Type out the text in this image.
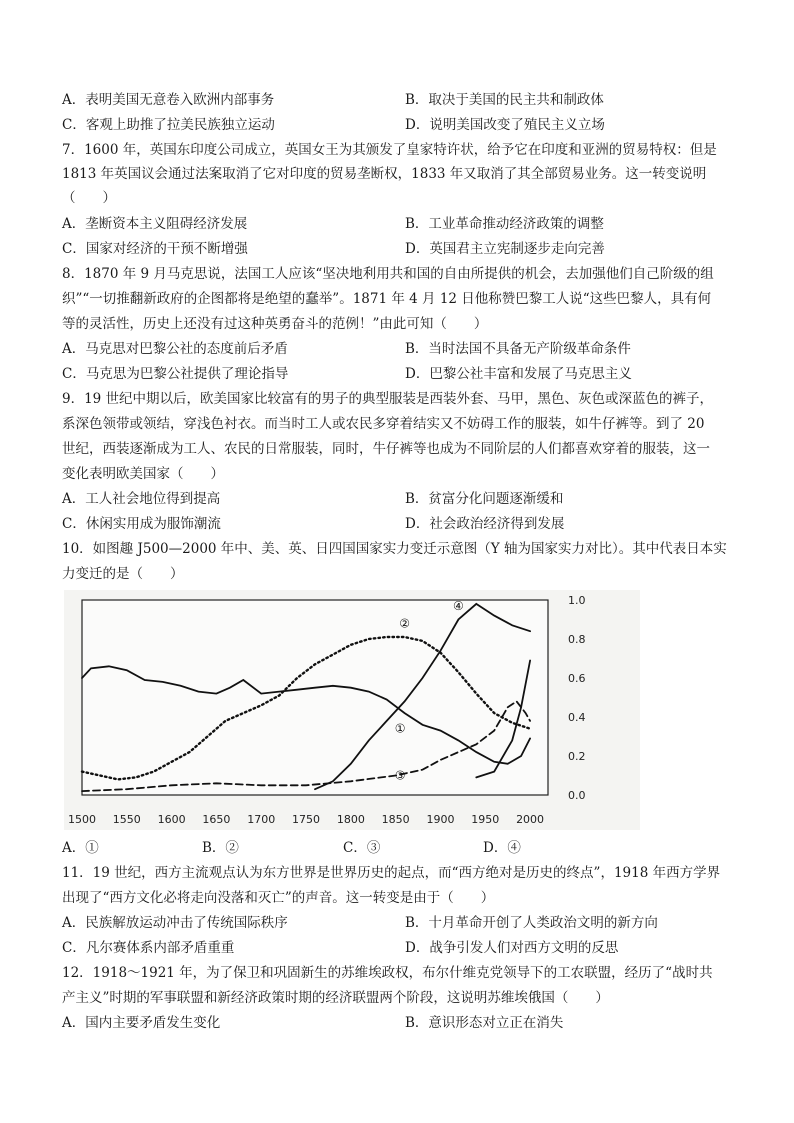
A．表明美国无意卷入欧洲内部事务	B．取决于美国的民主共和制政体
C．客观上助推了拉美民族独立运动	D．说明美国改变了殖民主义立场
7．1600 年，英国东印度公司成立，英国女王为其颁发了皇家特许状，给予它在印度和亚洲的贸易特权：但是
1813 年英国议会通过法案取消了它对印度的贸易垄断权，1833 年又取消了其全部贸易业务。这一转变说明
（　　）
A．垄断资本主义阻碍经济发展	B．工业革命推动经济政策的调整
C．国家对经济的干预不断增强	D．英国君主立宪制逐步走向完善
8．1870 年 9 月马克思说，法国工人应该“坚决地利用共和国的自由所提供的机会，去加强他们自己阶级的组
织”“一切推翻新政府的企图都将是绝望的蠢举”。1871 年 4 月 12 日他称赞巴黎工人说“这些巴黎人，具有何
等的灵活性，历史上还没有过这种英勇奋斗的范例！”由此可知（　　）
A．马克思对巴黎公社的态度前后矛盾	B．当时法国不具备无产阶级革命条件
C．马克思为巴黎公社提供了理论指导	D．巴黎公社丰富和发展了马克思主义
9．19 世纪中期以后，欧美国家比较富有的男子的典型服装是西装外套、马甲，黑色、灰色或深蓝色的裤子，
系深色领带或领结，穿浅色衬衣。而当时工人或农民多穿着结实又不妨碍工作的服装，如牛仔裤等。到了 20
世纪，西装逐渐成为工人、农民的日常服装，同时，牛仔裤等也成为不同阶层的人们都喜欢穿着的服装，这一
变化表明欧美国家（　　）
A．工人社会地位得到提高	B．贫富分化问题逐渐缓和
C．休闲实用成为服饰潮流	D．社会政治经济得到发展
10．如图趣 J500—2000 年中、美、英、日四国国家实力变迁示意图（Y 轴为国家实力对比）。其中代表日本实
力变迁的是（　　）
1500 1550 1600 1650 1700 1750 1800 1850 1900 1950 2000
1.0
0.8
0.6
0.4
0.2
0.0
①
②
③
④
A．①	B．②	C．③	D．④
11．19 世纪，西方主流观点认为东方世界是世界历史的起点，而“西方绝对是历史的终点”，1918 年西方学界
出现了“西方文化必将走向没落和灭亡”的声音。这一转变是由于（　　）
A．民族解放运动冲击了传统国际秩序	B．十月革命开创了人类政治文明的新方向
C．凡尔赛体系内部矛盾重重	D．战争引发人们对西方文明的反思
12．1918～1921 年，为了保卫和巩固新生的苏维埃政权，布尔什维克党领导下的工农联盟，经历了“战时共
产主义”时期的军事联盟和新经济政策时期的经济联盟两个阶段，这说明苏维埃俄国（　　）
A．国内主要矛盾发生变化	B．意识形态对立正在消失
